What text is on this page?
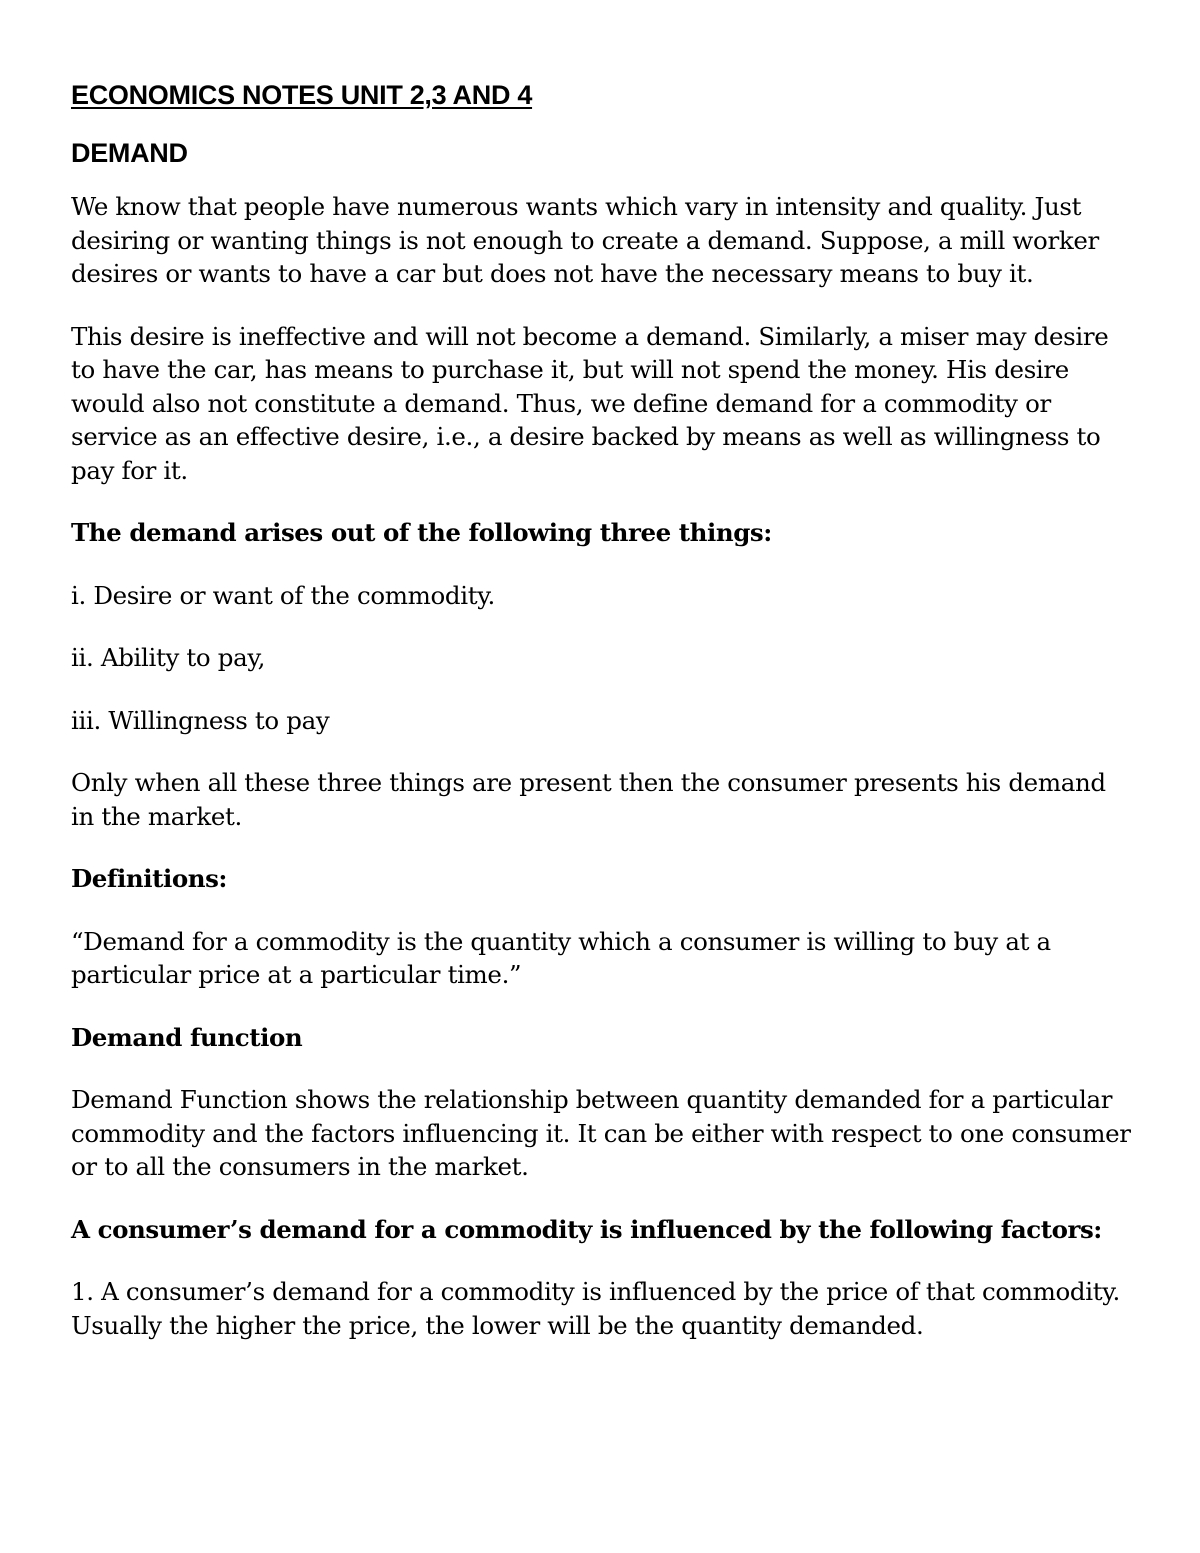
ECONOMICS NOTES UNIT 2,3 AND 4
DEMAND

We know that people have numerous wants which vary in intensity and quality. Just desiring or wanting things is not enough to create a demand. Suppose, a mill worker desires or wants to have a car but does not have the necessary means to buy it.

This desire is ineffective and will not become a demand. Similarly, a miser may desire to have the car, has means to purchase it, but will not spend the money. His desire would also not constitute a demand. Thus, we define demand for a commodity or service as an effective desire, i.e., a desire backed by means as well as willingness to pay for it.

The demand arises out of the following three things:

i. Desire or want of the commodity.

ii. Ability to pay,

iii. Willingness to pay

Only when all these three things are present then the consumer presents his demand in the market.

Definitions:

“Demand for a commodity is the quantity which a consumer is willing to buy at a particular price at a particular time.”

Demand function

Demand Function shows the relationship between quantity demanded for a particular commodity and the factors influencing it. It can be either with respect to one consumer or to all the consumers in the market.

A consumer’s demand for a commodity is influenced by the following factors:

1. A consumer’s demand for a commodity is influenced by the price of that commodity. Usually the higher the price, the lower will be the quantity demanded.
